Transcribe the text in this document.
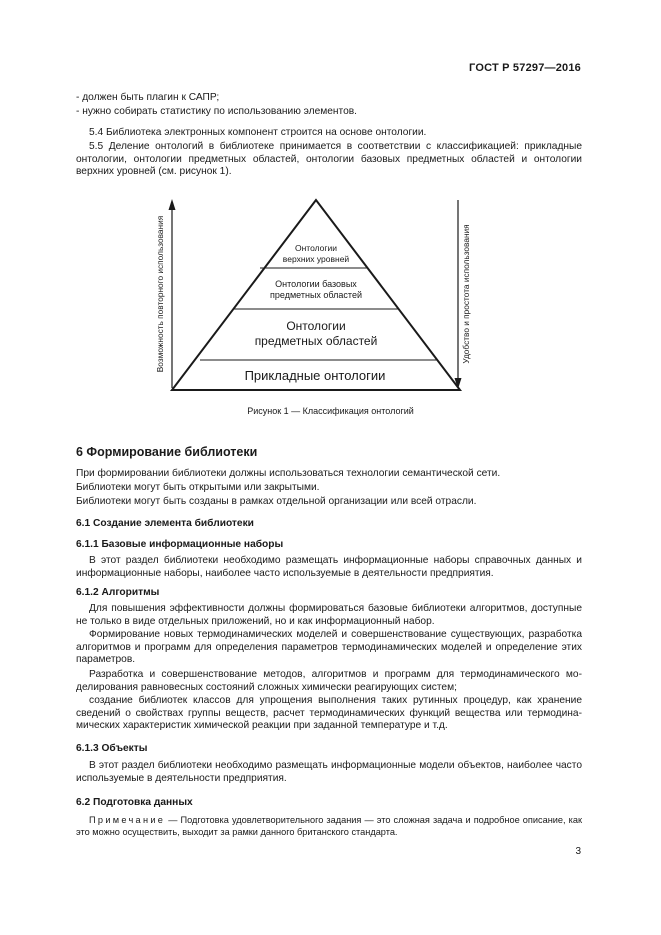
ГОСТ Р 57297—2016
- должен быть плагин к САПР;
- нужно собирать статистику по использованию элементов.
5.4 Библиотека электронных компонент строится на основе онтологии.
5.5 Деление онтологий в библиотеке принимается в соответствии с классификацией: прикладные онтологии, онтологии предметных областей, онтологии базовых предметных областей и онтологии верхних уровней (см. рисунок 1).
Онтологии
верхних уровней
Онтологии базовых
предметных областей
Онтологии
предметных областей
Прикладные онтологии
Возможность повторного использования	Удобство и простота использования
Рисунок 1 — Классификация онтологий
6 Формирование библиотеки
При формировании библиотеки должны использоваться технологии семантической сети.
Библиотеки могут быть открытыми или закрытыми.
Библиотеки могут быть созданы в рамках отдельной организации или всей отрасли.
6.1 Создание элемента библиотеки
6.1.1 Базовые информационные наборы
В этот раздел библиотеки необходимо размещать информационные наборы справочных данных и информационные наборы, наиболее часто используемые в деятельности предприятия.
6.1.2 Алгоритмы
Для повышения эффективности должны формироваться базовые библиотеки алгоритмов, доступные не только в виде отдельных приложений, но и как информационный набор.
Формирование новых термодинамических моделей и совершенствование существующих, разработка алгоритмов и программ для определения параметров термодинамических моделей и определение этих параметров.
Разработка и совершенствование методов, алгоритмов и программ для термодинамического моделирования равновесных состояний сложных химически реагирующих систем;
создание библиотек классов для упрощения выполнения таких рутинных процедур, как хранение сведений о свойствах группы веществ, расчет термодинамических функций вещества или термодинамических характеристик химической реакции при заданной температуре и т.д.
6.1.3 Объекты
В этот раздел библиотеки необходимо размещать информационные модели объектов, наиболее часто используемые в деятельности предприятия.
6.2 Подготовка данных
Примечание — Подготовка удовлетворительного задания — это сложная задача и подробное описание, как это можно осуществить, выходит за рамки данного британского стандарта.
3
